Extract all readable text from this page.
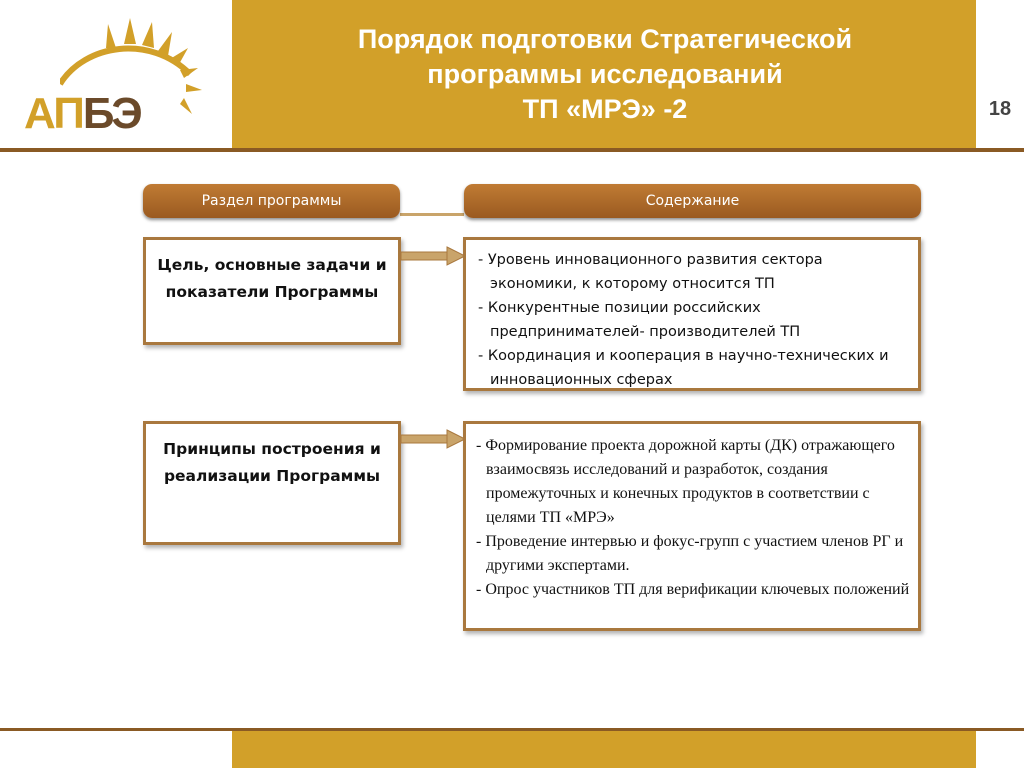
АПБЭ
Порядок подготовки Стратегической
программы исследований
ТП «МРЭ» -2	18
Раздел программы	Содержание
Цель, основные задачи и показатели Программы
- Уровень инновационного развития сектора экономики, к которому относится ТП
- Конкурентные позиции российских предпринимателей- производителей ТП
- Координация и кооперация в научно-технических и инновационных сферах
Принципы построения и реализации Программы
- Формирование проекта дорожной карты (ДК) отражающего взаимосвязь исследований и разработок, создания промежуточных и конечных продуктов в соответствии с целями ТП «МРЭ»
- Проведение интервью и фокус-групп с участием членов РГ и другими экспертами.
- Опрос участников ТП для верификации ключевых положений
